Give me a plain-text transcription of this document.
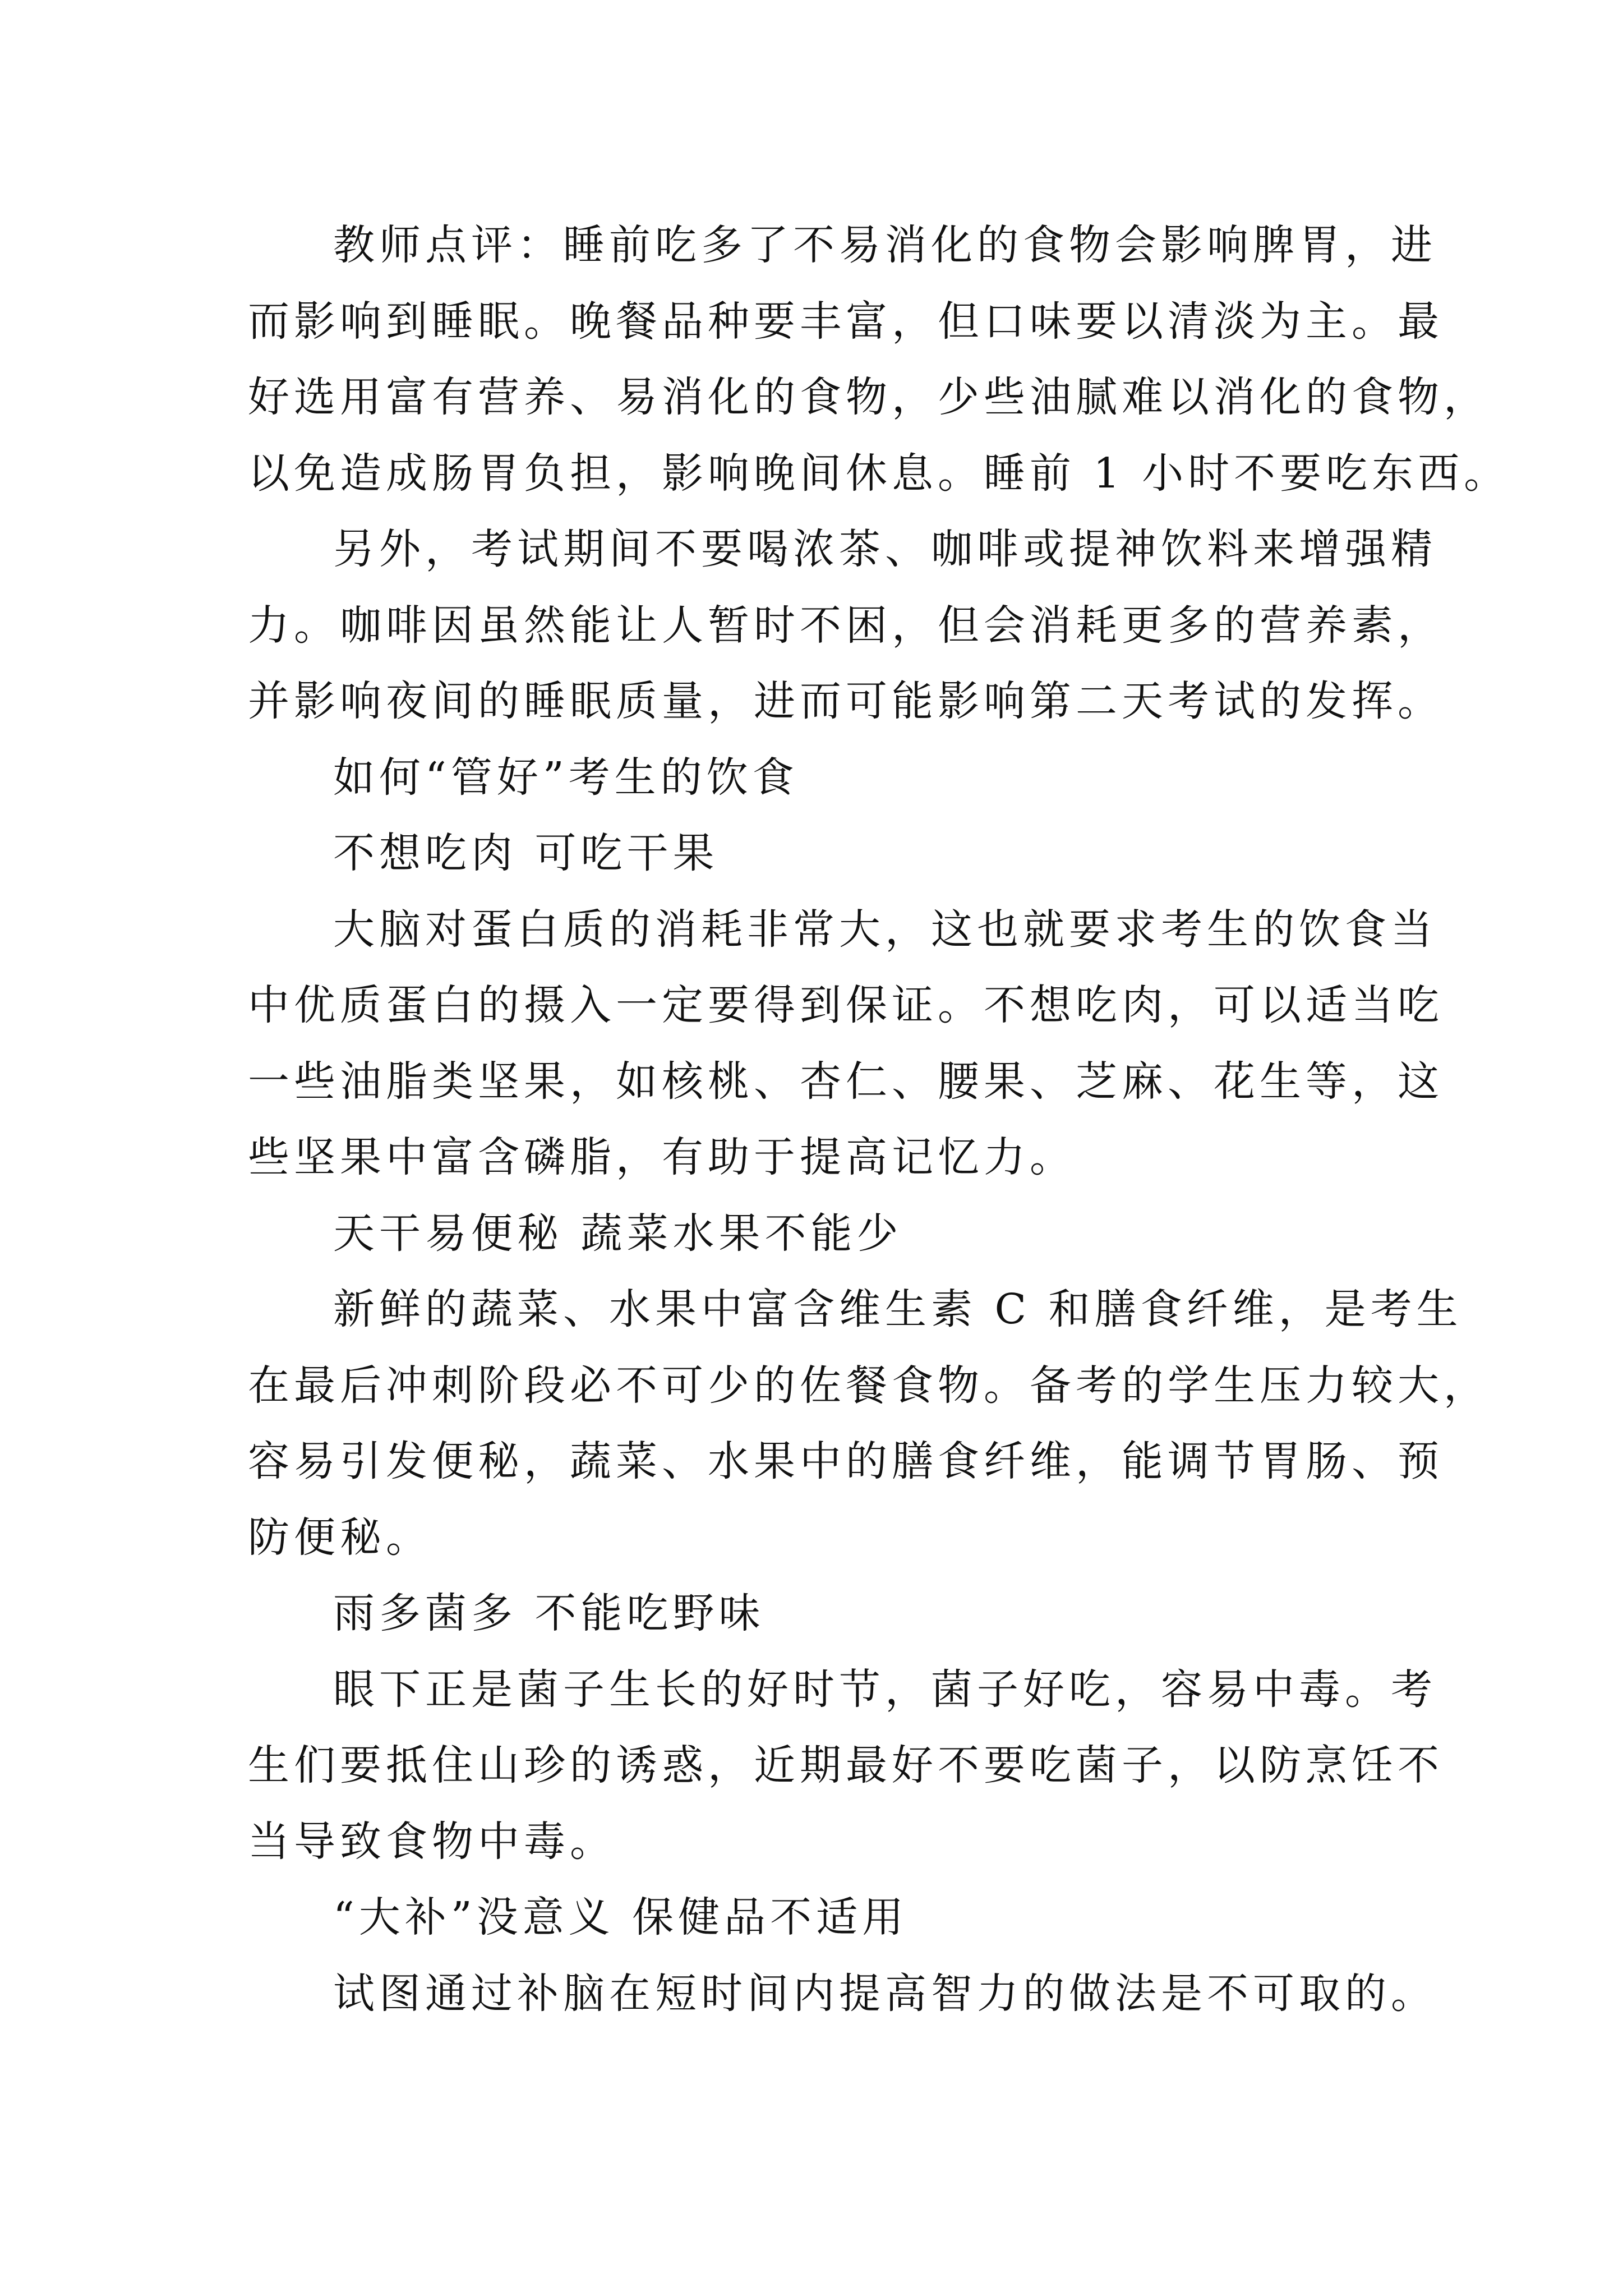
教师点评：睡前吃多了不易消化的食物会影响脾胃，进
而影响到睡眠。晚餐品种要丰富，但口味要以清淡为主。最
好选用富有营养、易消化的食物，少些油腻难以消化的食物，
以免造成肠胃负担，影响晚间休息。睡前 1 小时不要吃东西。
另外，考试期间不要喝浓茶、咖啡或提神饮料来增强精
力。咖啡因虽然能让人暂时不困，但会消耗更多的营养素，
并影响夜间的睡眠质量，进而可能影响第二天考试的发挥。
如何“管好”考生的饮食
不想吃肉 可吃干果
大脑对蛋白质的消耗非常大，这也就要求考生的饮食当
中优质蛋白的摄入一定要得到保证。不想吃肉，可以适当吃
一些油脂类坚果，如核桃、杏仁、腰果、芝麻、花生等，这
些坚果中富含磷脂，有助于提高记忆力。
天干易便秘 蔬菜水果不能少
新鲜的蔬菜、水果中富含维生素 C 和膳食纤维，是考生
在最后冲刺阶段必不可少的佐餐食物。备考的学生压力较大，
容易引发便秘，蔬菜、水果中的膳食纤维，能调节胃肠、预
防便秘。
雨多菌多 不能吃野味
眼下正是菌子生长的好时节，菌子好吃，容易中毒。考
生们要抵住山珍的诱惑，近期最好不要吃菌子，以防烹饪不
当导致食物中毒。
“大补”没意义 保健品不适用
试图通过补脑在短时间内提高智力的做法是不可取的。
